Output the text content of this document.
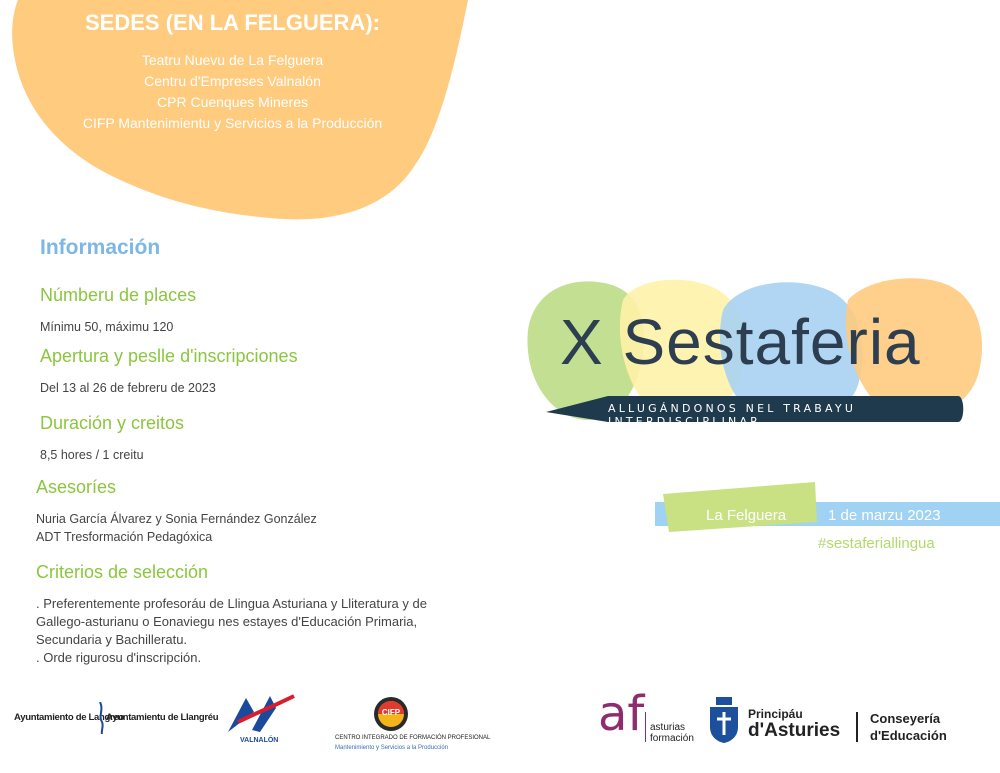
SEDES (EN LA FELGUERA):
Teatru Nuevu de La Felguera
Centru d'Empreses Valnalón
CPR Cuenques Mineres
CIFP Mantenimientu y Servicios a la Producción
Información
Númberu de places
Mínimu 50, máximu 120
Apertura y peslle d'inscripciones
Del 13 al 26 de febreru de 2023
Duración y creitos
8,5 hores / 1 creitu
Asesoríes
Nuria García Álvarez y Sonia Fernández González
ADT Tresformación Pedagóxica
Criterios de selección
. Preferentemente profesoráu de Llingua Asturiana y Lliteratura y de
Gallego-asturianu o Eonaviegu nes estayes d'Educación Primaria,
Secundaria y Bachilleratu.
. Orde rigurosu d'inscripción.
X Sestaferia
ALLUGÁNDONOS NEL TRABAYU INTERDISCIPLINAR
La Felguera	1 de marzu 2023
#sestaferiallingua
Ayuntamiento de Langreo
Ayuntamientu de Llangréu
VALNALÓN
CIFP
CENTRO INTEGRADO DE FORMACIÓN PROFESIONAL
Mantenimiento y Servicios a la Producción
af asturias
formación
Principáu
d'Asturies
Conseyería
d'Educación
